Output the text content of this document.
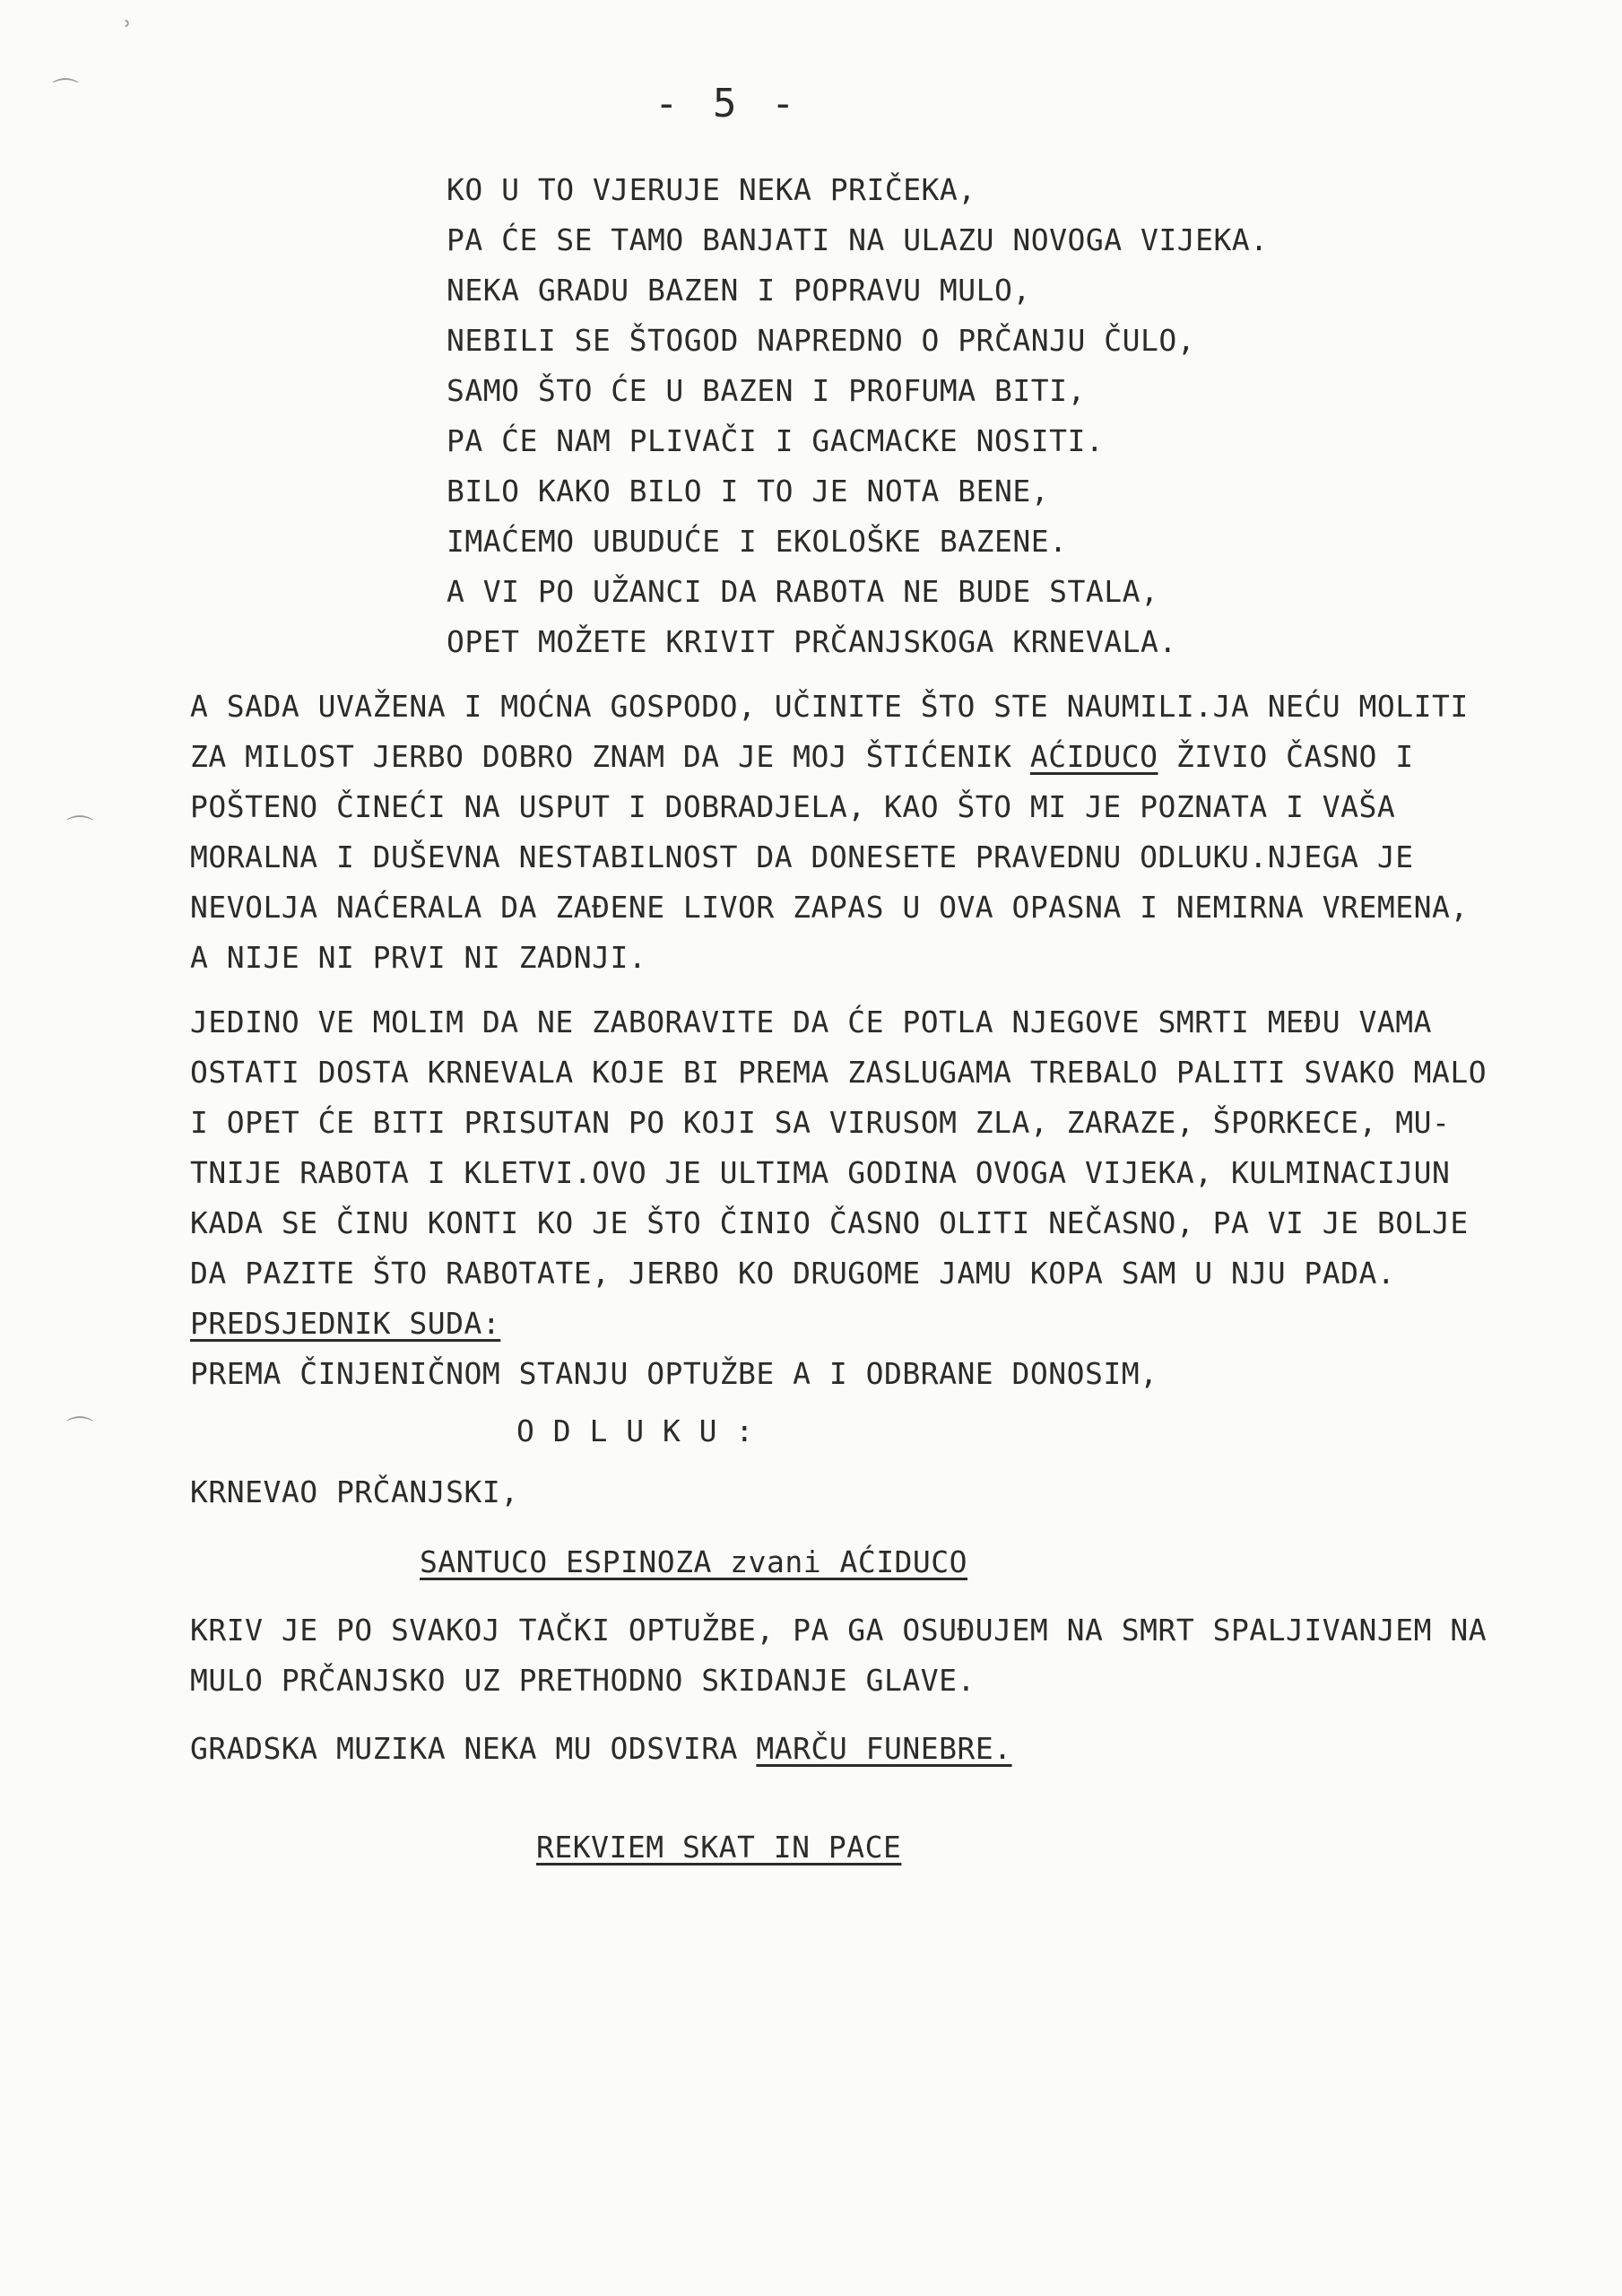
ʾ
⌒
⌒
⌒
- 5 -
KO U TO VJERUJE NEKA PRIČEKA,
PA ĆE SE TAMO BANJATI NA ULAZU NOVOGA VIJEKA.
NEKA GRADU BAZEN I POPRAVU MULO,
NEBILI SE ŠTOGOD NAPREDNO O PRČANJU ČULO,
SAMO ŠTO ĆE U BAZEN I PROFUMA BITI,
PA ĆE NAM PLIVAČI I GACMACKE NOSITI.
BILO KAKO BILO I TO JE NOTA BENE,
IMAĆEMO UBUDUĆE I EKOLOŠKE BAZENE.
A VI PO UŽANCI DA RABOTA NE BUDE STALA,
OPET MOŽETE KRIVIT PRČANJSKOGA KRNEVALA.
A SADA UVAŽENA I MOĆNA GOSPODO, UČINITE ŠTO STE NAUMILI.JA NEĆU MOLITI
ZA MILOST JERBO DOBRO ZNAM DA JE MOJ ŠTIĆENIK AĆIDUCO ŽIVIO ČASNO I
POŠTENO ČINEĆI NA USPUT I DOBRADJELA, KAO ŠTO MI JE POZNATA I VAŠA
MORALNA I DUŠEVNA NESTABILNOST DA DONESETE PRAVEDNU ODLUKU.NJEGA JE
NEVOLJA NAĆERALA DA ZAĐENE LIVOR ZAPAS U OVA OPASNA I NEMIRNA VREMENA,
A NIJE NI PRVI NI ZADNJI.
JEDINO VE MOLIM DA NE ZABORAVITE DA ĆE POTLA NJEGOVE SMRTI MEĐU VAMA
OSTATI DOSTA KRNEVALA KOJE BI PREMA ZASLUGAMA TREBALO PALITI SVAKO MALO
I OPET ĆE BITI PRISUTAN PO KOJI SA VIRUSOM ZLA, ZARAZE, ŠPORKECE, MU-
TNIJE RABOTA I KLETVI.OVO JE ULTIMA GODINA OVOGA VIJEKA, KULMINACIJUN
KADA SE ČINU KONTI KO JE ŠTO ČINIO ČASNO OLITI NEČASNO, PA VI JE BOLJE
DA PAZITE ŠTO RABOTATE, JERBO KO DRUGOME JAMU KOPA SAM U NJU PADA.
PREDSJEDNIK SUDA:
PREMA ČINJENIČNOM STANJU OPTUŽBE A I ODBRANE DONOSIM,
O D L U K U :
KRNEVAO PRČANJSKI,
SANTUCO ESPINOZA zvani AĆIDUCO
KRIV JE PO SVAKOJ TAČKI OPTUŽBE, PA GA OSUĐUJEM NA SMRT SPALJIVANJEM NA
MULO PRČANJSKO UZ PRETHODNO SKIDANJE GLAVE.
GRADSKA MUZIKA NEKA MU ODSVIRA MARČU FUNEBRE.
REKVIEM SKAT IN PACE
